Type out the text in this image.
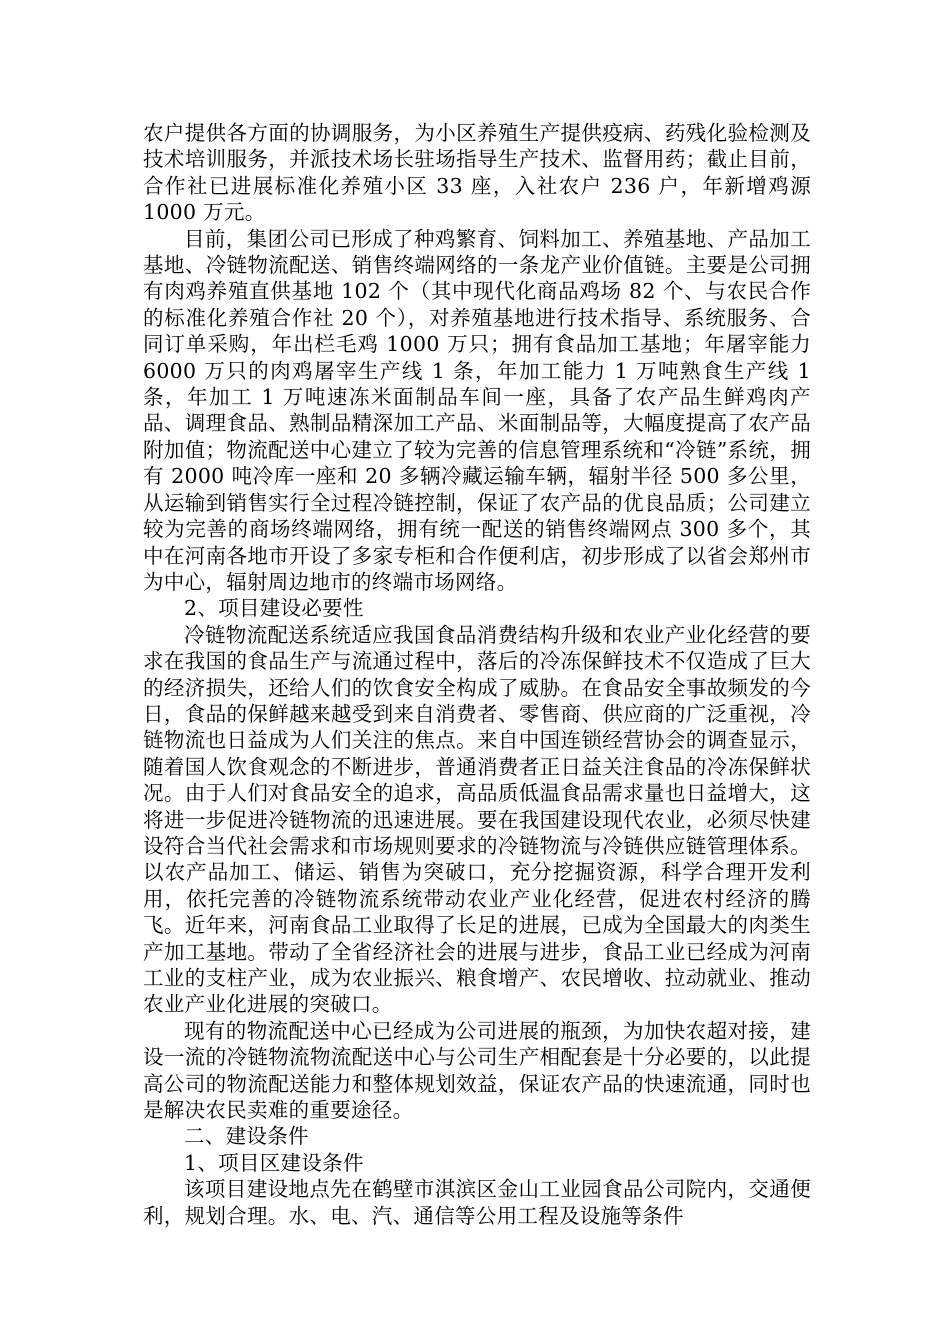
农户提供各方面的协调服务，为小区养殖生产提供疫病、药残化验检测及技术培训服务，并派技术场长驻场指导生产技术、监督用药；截止目前，合作社已进展标准化养殖小区 33 座，入社农户 236 户，年新增鸡源 1000 万元。

目前，集团公司已形成了种鸡繁育、饲料加工、养殖基地、产品加工基地、冷链物流配送、销售终端网络的一条龙产业价值链。主要是公司拥有肉鸡养殖直供基地 102 个（其中现代化商品鸡场 82 个、与农民合作的标准化养殖合作社 20 个），对养殖基地进行技术指导、系统服务、合同订单采购，年出栏毛鸡 1000 万只；拥有食品加工基地；年屠宰能力 6000 万只的肉鸡屠宰生产线 1 条，年加工能力 1 万吨熟食生产线 1 条，年加工 1 万吨速冻米面制品车间一座，具备了农产品生鲜鸡肉产品、调理食品、熟制品精深加工产品、米面制品等，大幅度提高了农产品附加值；物流配送中心建立了较为完善的信息管理系统和“冷链”系统，拥有 2000 吨冷库一座和 20 多辆冷藏运输车辆，辐射半径 500 多公里，从运输到销售实行全过程冷链控制，保证了农产品的优良品质；公司建立较为完善的商场终端网络，拥有统一配送的销售终端网点 300 多个，其中在河南各地市开设了多家专柜和合作便利店，初步形成了以省会郑州市为中心，辐射周边地市的终端市场网络。

2、项目建设必要性

冷链物流配送系统适应我国食品消费结构升级和农业产业化经营的要求在我国的食品生产与流通过程中，落后的冷冻保鲜技术不仅造成了巨大的经济损失，还给人们的饮食安全构成了威胁。在食品安全事故频发的今日，食品的保鲜越来越受到来自消费者、零售商、供应商的广泛重视，冷链物流也日益成为人们关注的焦点。来自中国连锁经营协会的调查显示，随着国人饮食观念的不断进步，普通消费者正日益关注食品的冷冻保鲜状况。由于人们对食品安全的追求，高品质低温食品需求量也日益增大，这将进一步促进冷链物流的迅速进展。要在我国建设现代农业，必须尽快建设符合当代社会需求和市场规则要求的冷链物流与冷链供应链管理体系。以农产品加工、储运、销售为突破口，充分挖掘资源，科学合理开发利用，依托完善的冷链物流系统带动农业产业化经营，促进农村经济的腾飞。近年来，河南食品工业取得了长足的进展，已成为全国最大的肉类生产加工基地。带动了全省经济社会的进展与进步，食品工业已经成为河南工业的支柱产业，成为农业振兴、粮食增产、农民增收、拉动就业、推动农业产业化进展的突破口。

现有的物流配送中心已经成为公司进展的瓶颈，为加快农超对接，建设一流的冷链物流物流配送中心与公司生产相配套是十分必要的，以此提高公司的物流配送能力和整体规划效益，保证农产品的快速流通，同时也是解决农民卖难的重要途径。

二、建设条件

1、项目区建设条件

该项目建设地点先在鹤壁市淇滨区金山工业园食品公司院内，交通便利，规划合理。水、电、汽、通信等公用工程及设施等条件
